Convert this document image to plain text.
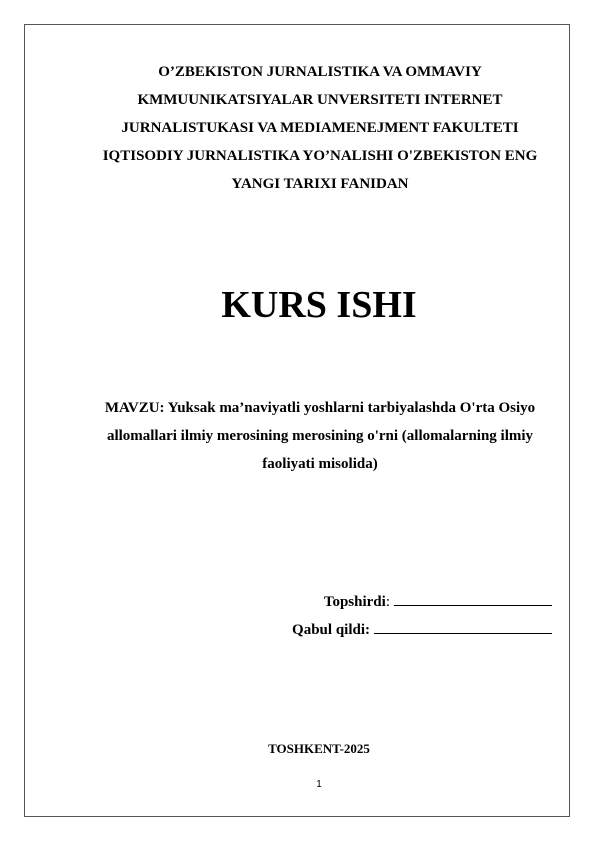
O’ZBEKISTON JURNALISTIKA VA OMMAVIY
KMMUUNIKATSIYALAR UNVERSITETI INTERNET
JURNALISTUKASI VA MEDIAMENEJMENT FAKULTETI
IQTISODIY JURNALISTIKA YO’NALISHI O'ZBEKISTON ENG
YANGI TARIXI FANIDAN
KURS ISHI
MAVZU: Yuksak ma’naviyatli yoshlarni tarbiyalashda O'rta Osiyo
allomallari ilmiy merosining merosining o'rni (allomalarning ilmiy
faoliyati misolida)
Topshirdi:
Qabul qildi:
TOSHKENT-2025
1
